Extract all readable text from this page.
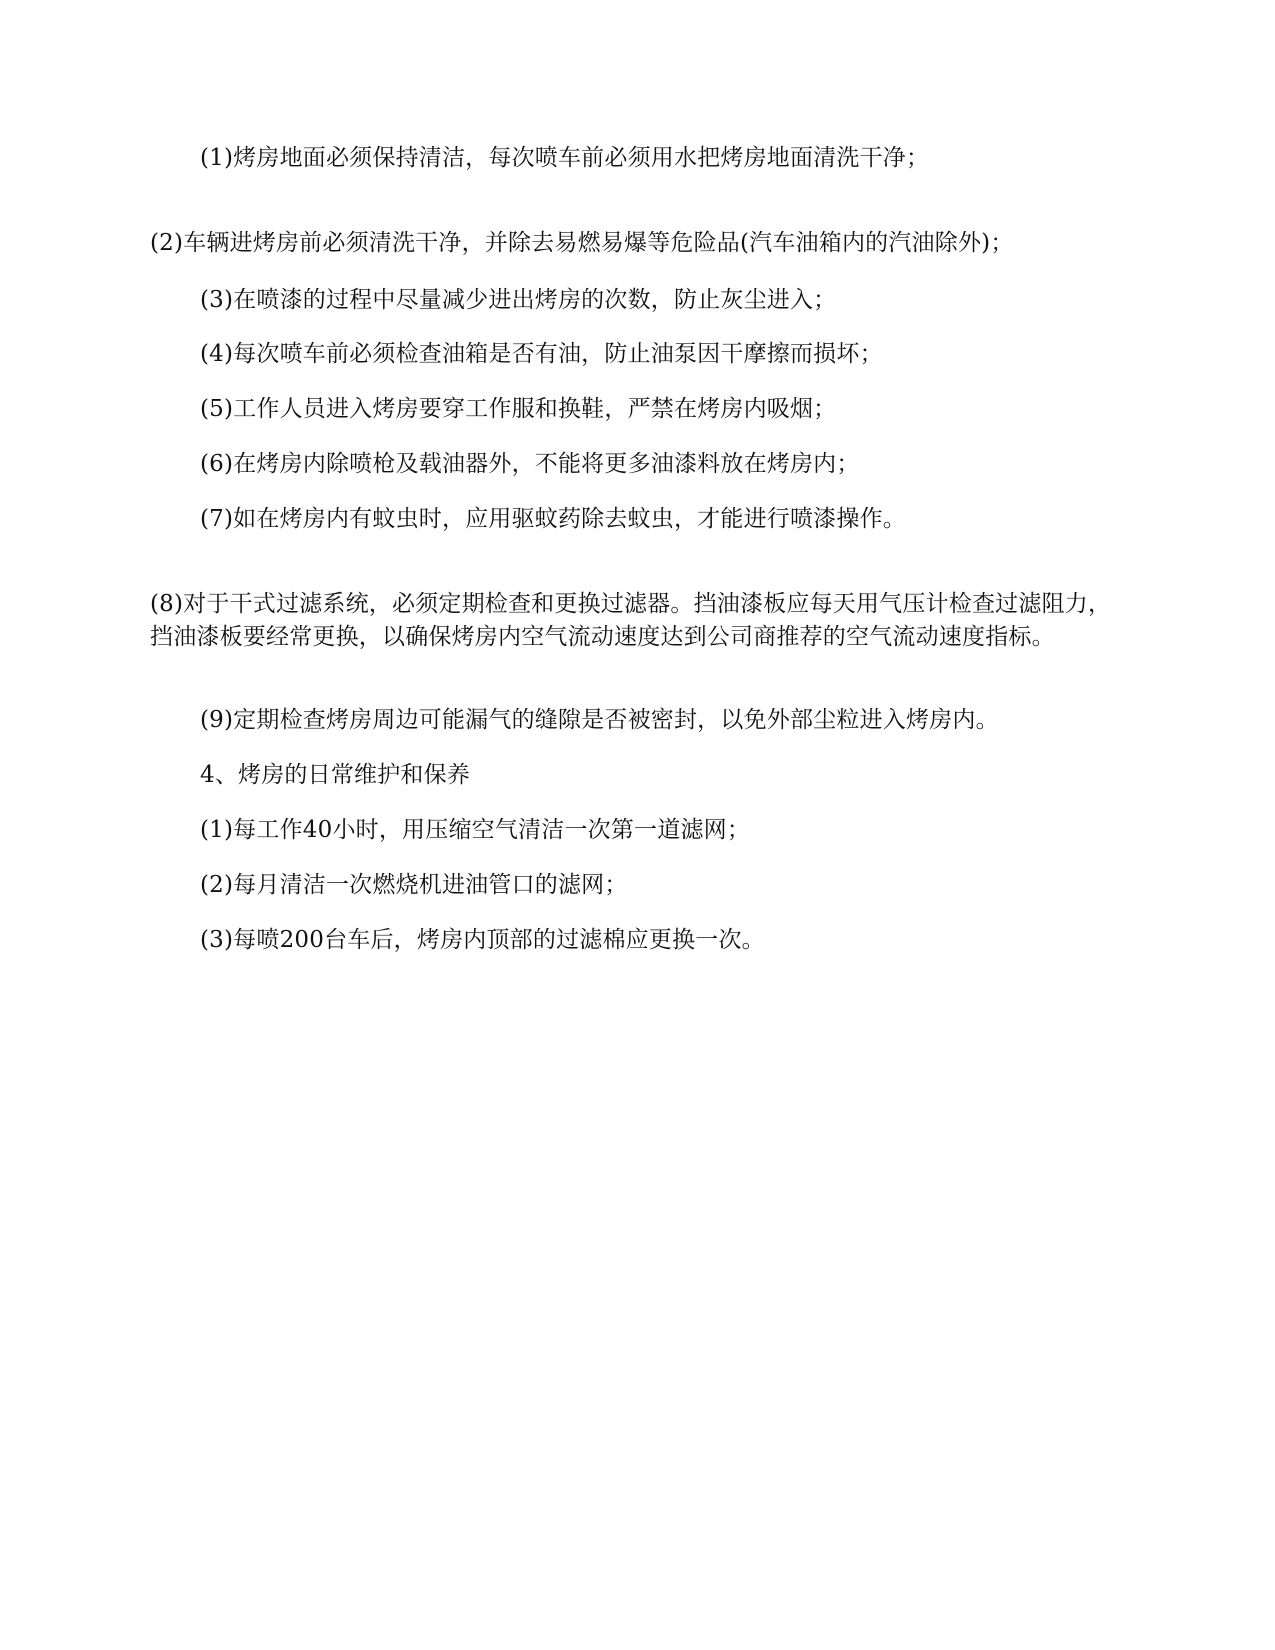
(1)烤房地面必须保持清洁，每次喷车前必须用水把烤房地面清洗干净；
(2)车辆进烤房前必须清洗干净，并除去易燃易爆等危险品(汽车油箱内的汽油除外)；
(3)在喷漆的过程中尽量减少进出烤房的次数，防止灰尘进入；
(4)每次喷车前必须检查油箱是否有油，防止油泵因干摩擦而损坏；
(5)工作人员进入烤房要穿工作服和换鞋，严禁在烤房内吸烟；
(6)在烤房内除喷枪及载油器外，不能将更多油漆料放在烤房内；
(7)如在烤房内有蚊虫时，应用驱蚊药除去蚊虫，才能进行喷漆操作。
(8)对于干式过滤系统，必须定期检查和更换过滤器。挡油漆板应每天用气压计检查过滤阻力，挡油漆板要经常更换，以确保烤房内空气流动速度达到公司商推荐的空气流动速度指标。
(9)定期检查烤房周边可能漏气的缝隙是否被密封，以免外部尘粒进入烤房内。
4、烤房的日常维护和保养
(1)每工作40小时，用压缩空气清洁一次第一道滤网；
(2)每月清洁一次燃烧机进油管口的滤网；
(3)每喷200台车后，烤房内顶部的过滤棉应更换一次。
